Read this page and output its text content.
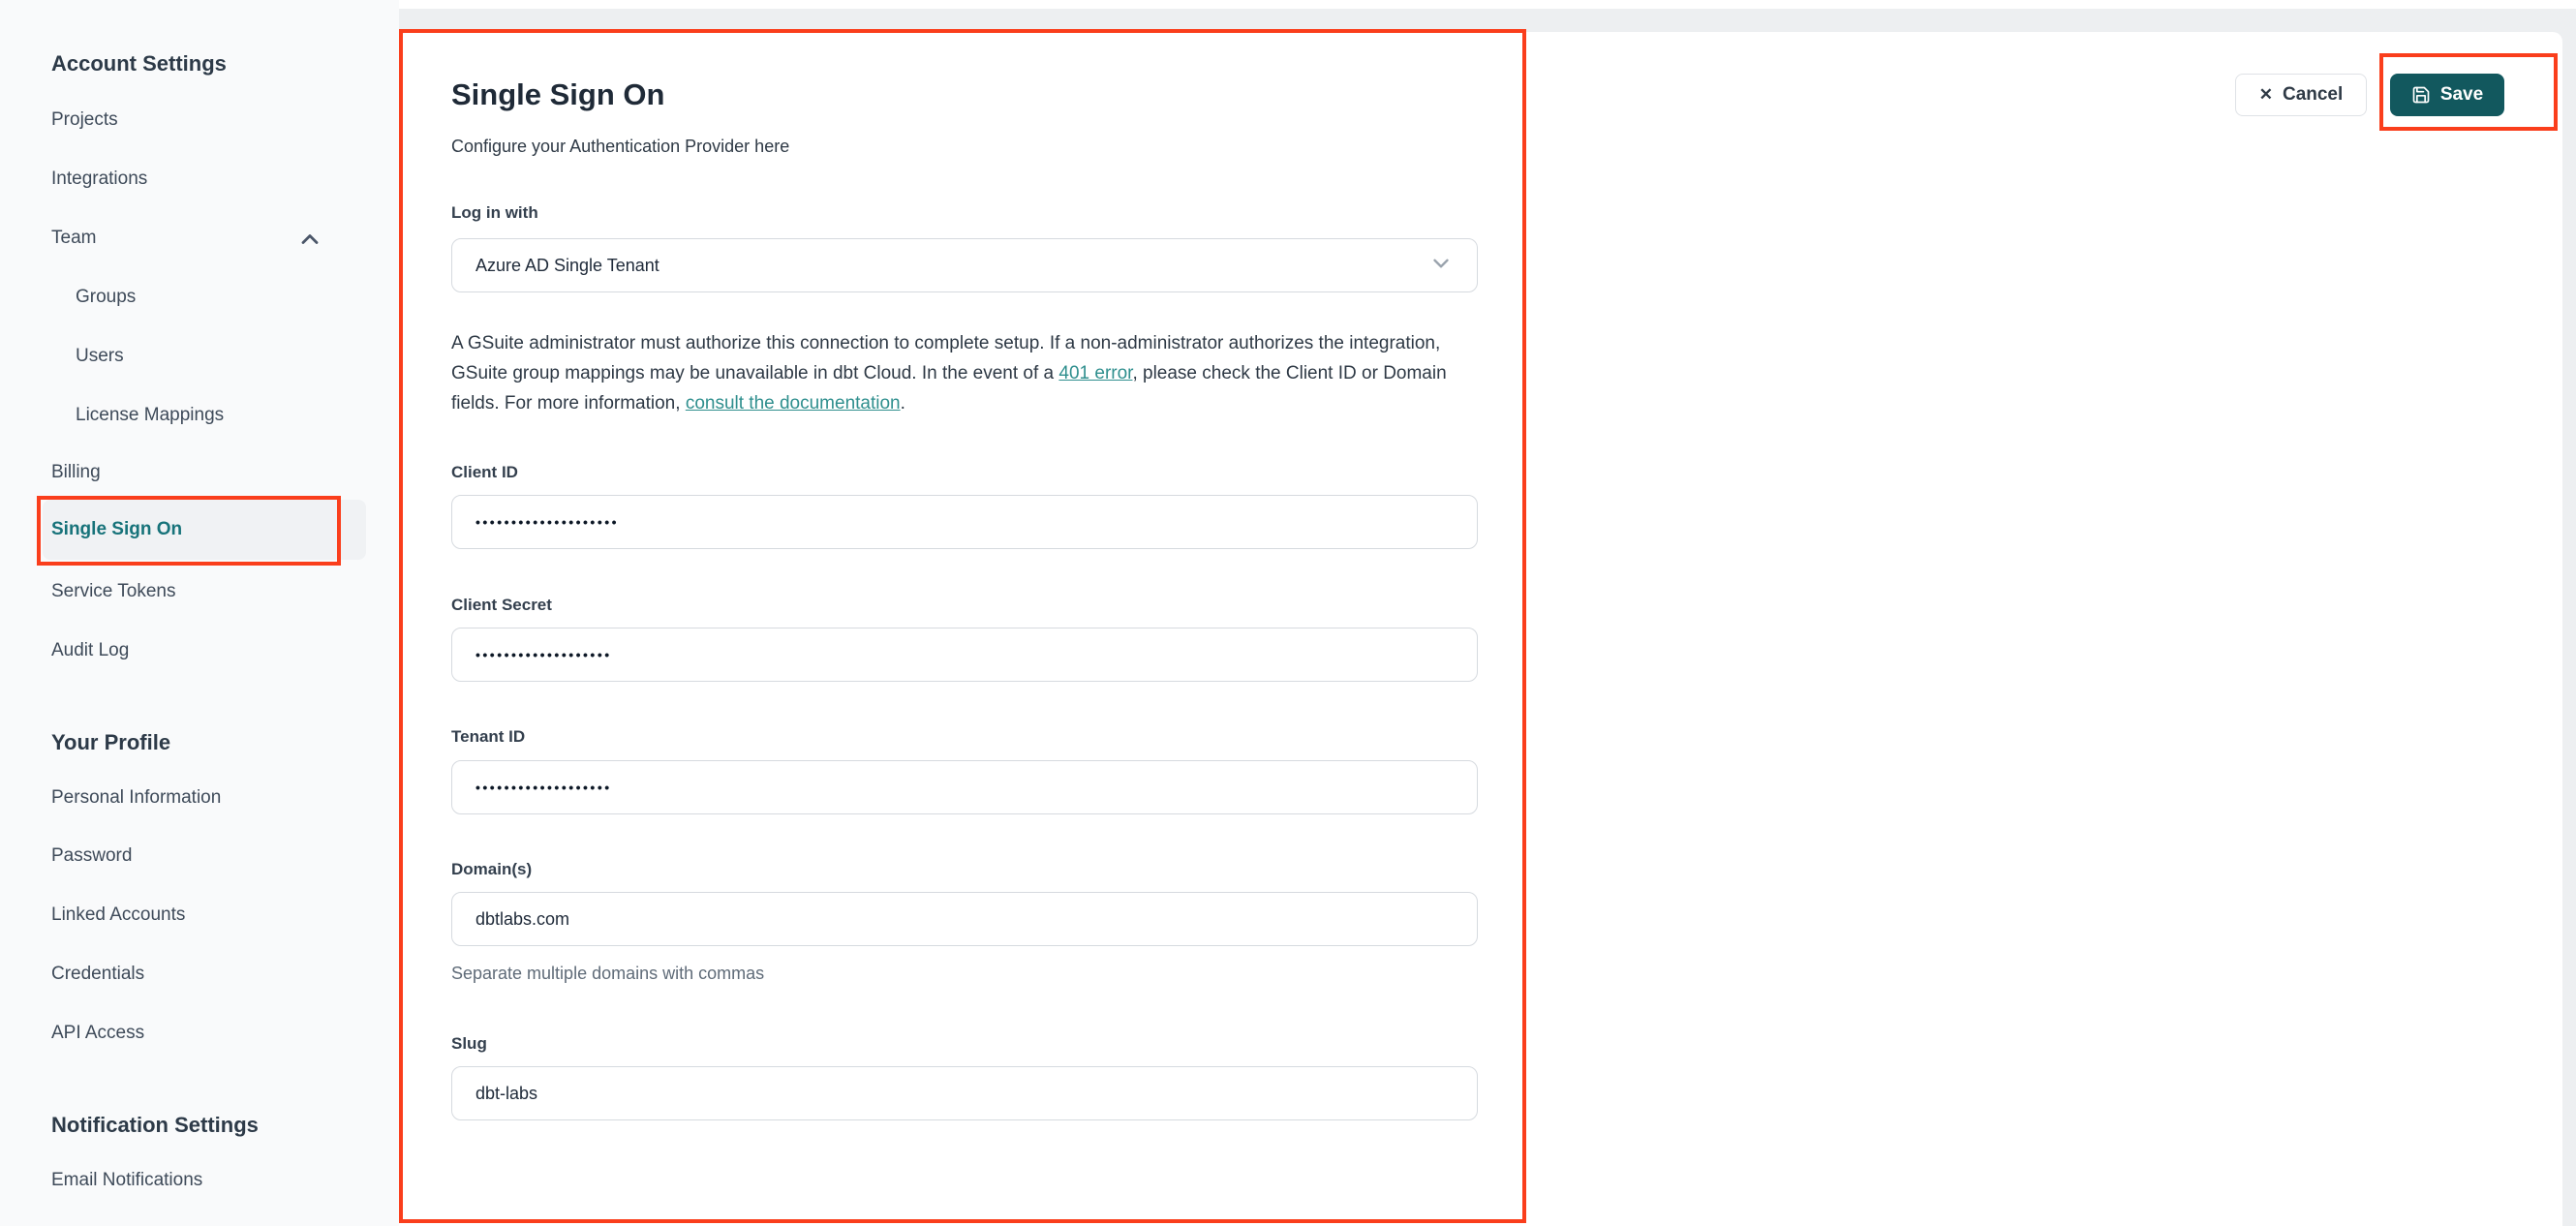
Account Settings
Projects
Integrations
Team
Groups
Users
License Mappings
Billing
Single Sign On
Service Tokens
Audit Log
Your Profile
Personal Information
Password
Linked Accounts
Credentials
API Access
Notification Settings
Email Notifications
Single Sign On

Configure your Authentication Provider here

Log in with
Azure AD Single Tenant

A GSuite administrator must authorize this connection to complete setup. If a non-administrator authorizes the integration, GSuite group mappings may be unavailable in dbt Cloud. In the event of a 401 error, please check the Client ID or Domain fields. For more information, consult the documentation.

Client ID
••••••••••••••••••••
Client Secret
•••••••••••••••••••
Tenant ID
•••••••••••••••••••
Domain(s)
dbtlabs.com
Separate multiple domains with commas
Slug
dbt-labs
✕ Cancel	Save
